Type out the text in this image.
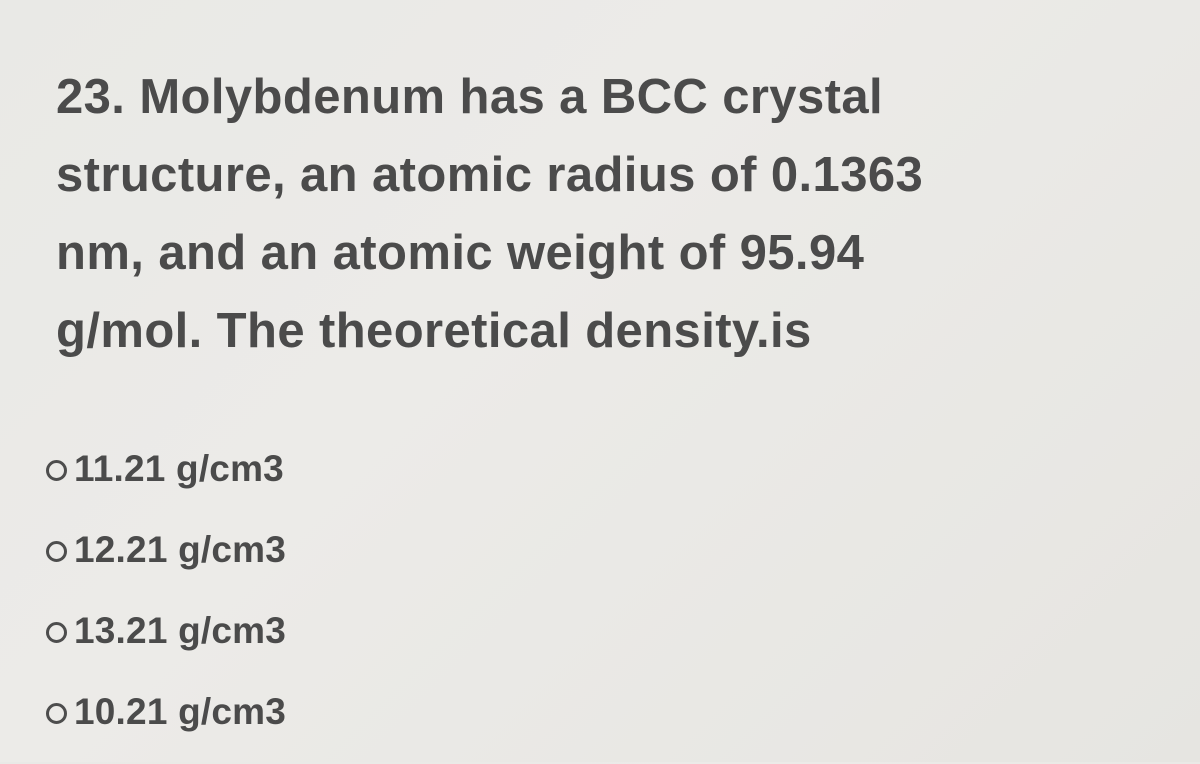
23. Molybdenum has a BCC crystal
structure, an atomic radius of 0.1363
nm, and an atomic weight of 95.94
g/mol. The theoretical density.is
11.21 g/cm3
12.21 g/cm3
13.21 g/cm3
10.21 g/cm3
